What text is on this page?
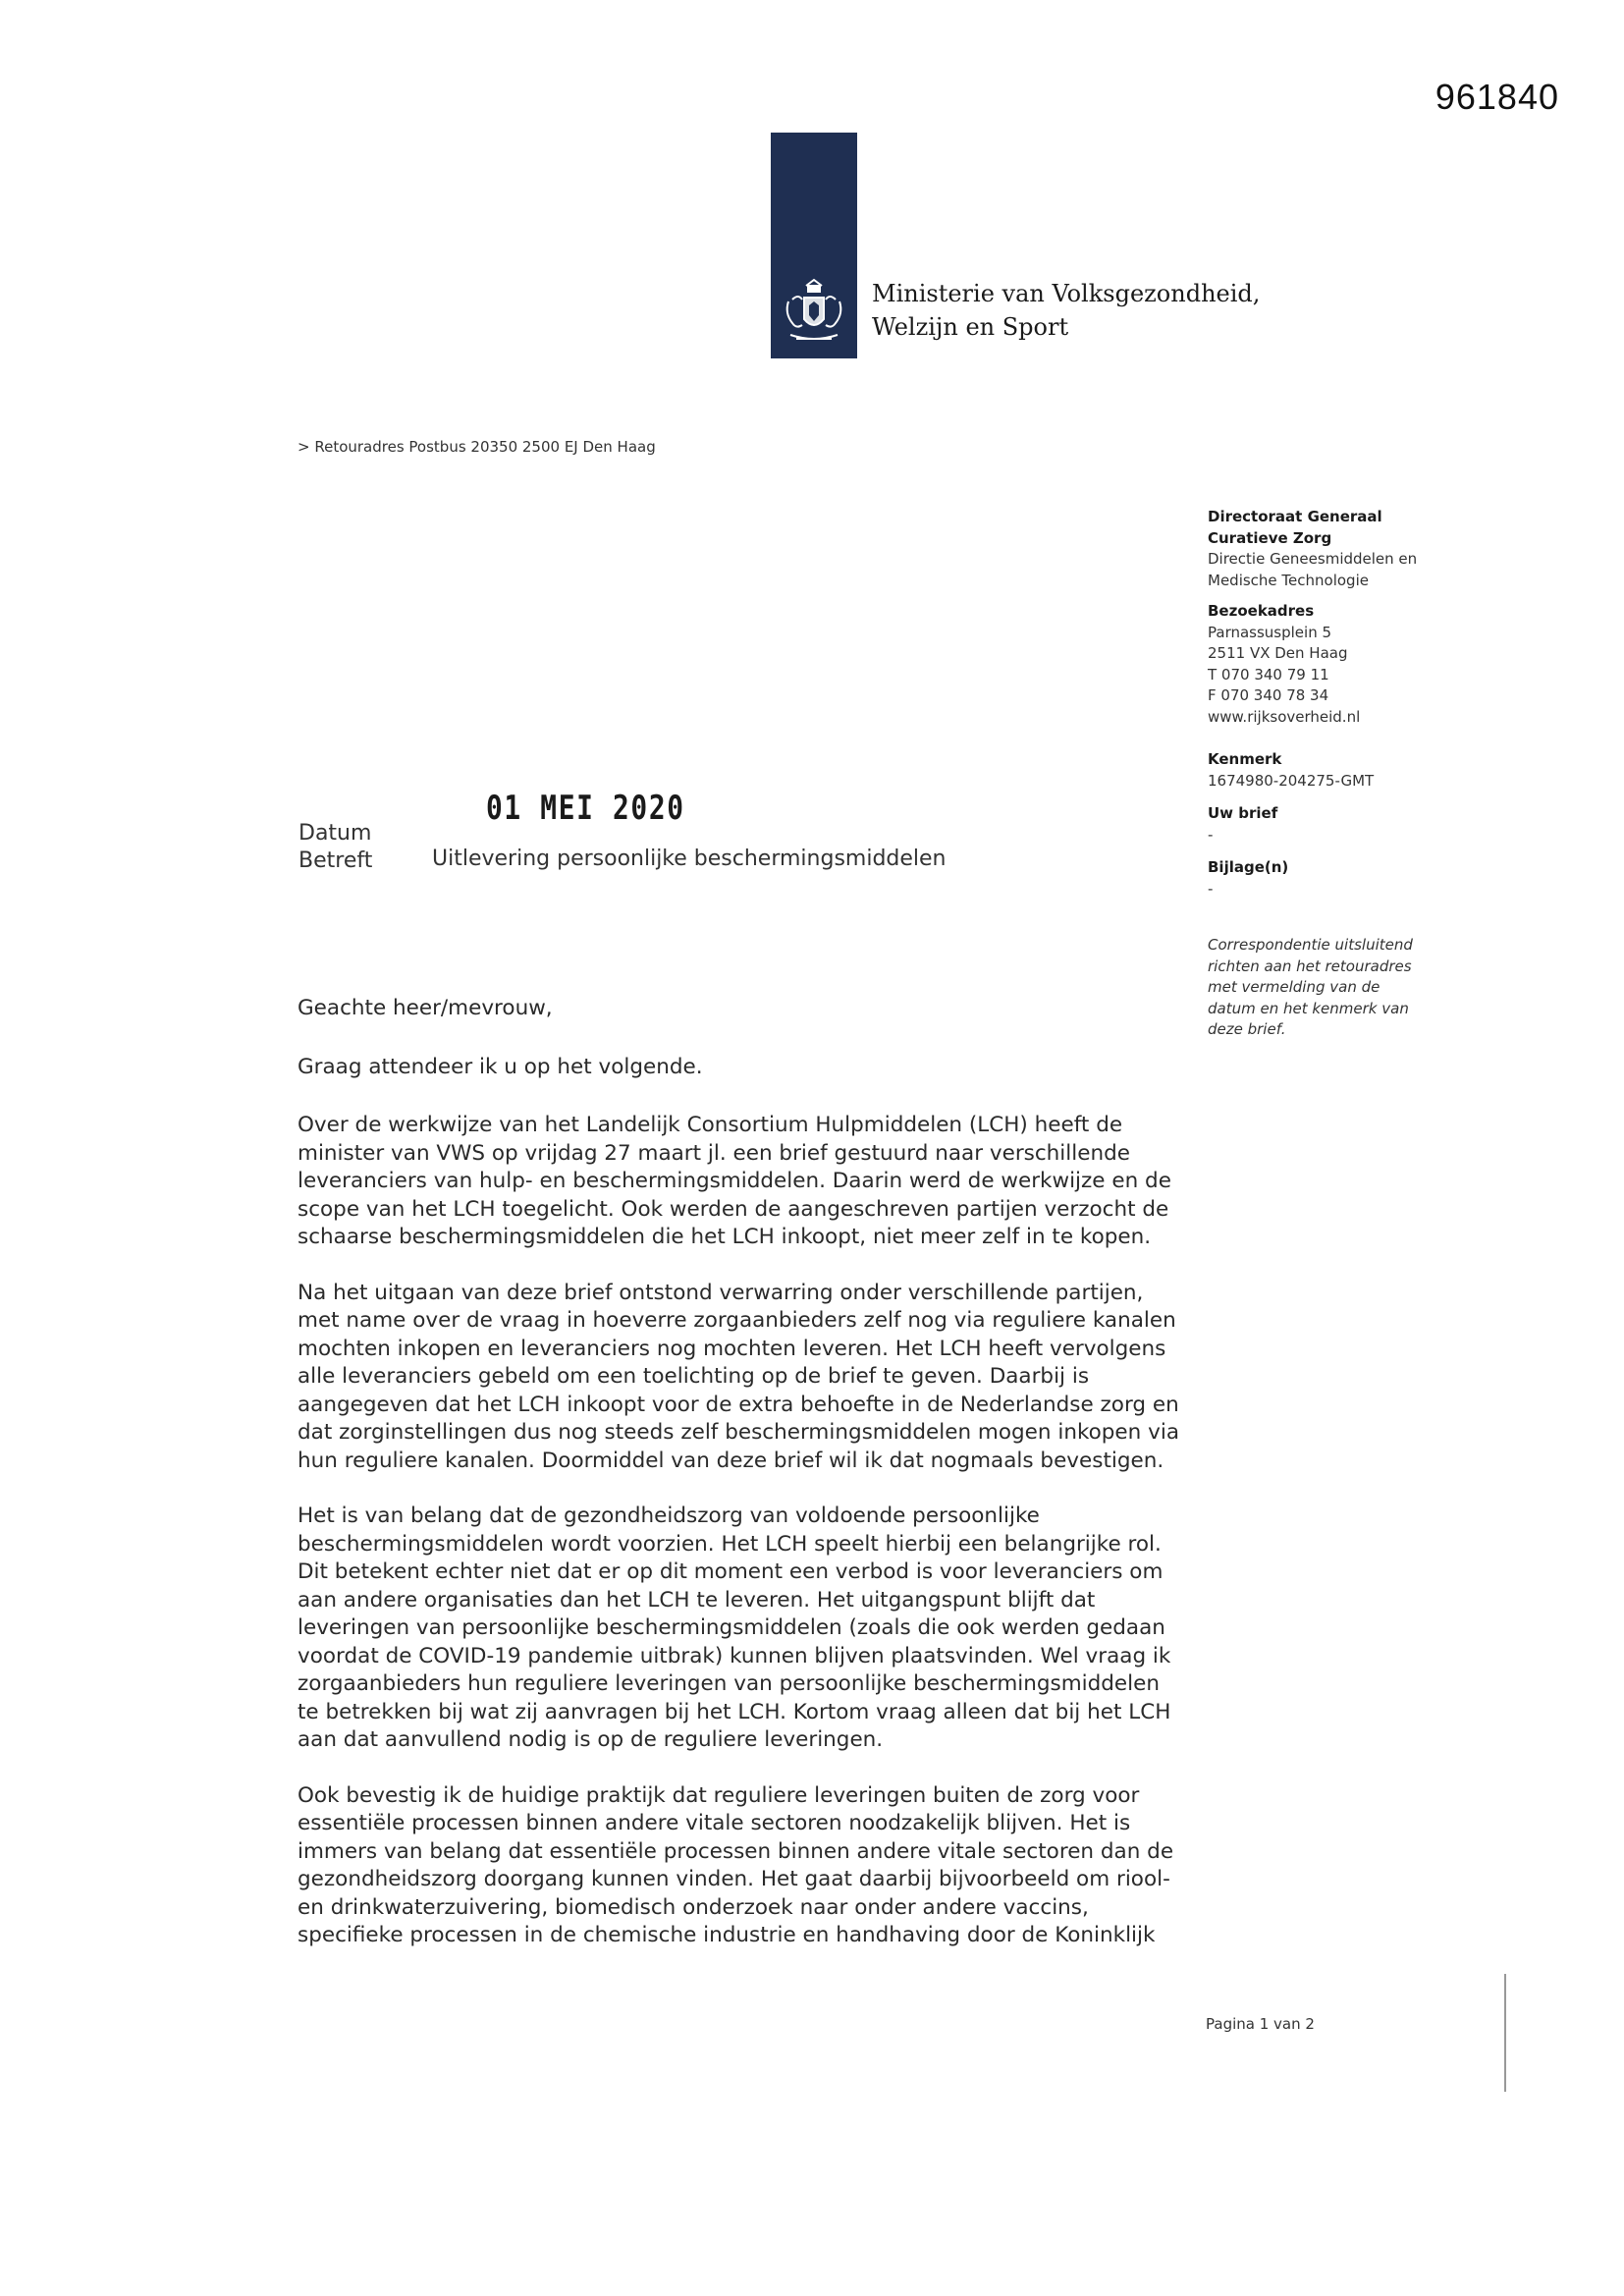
961840
Ministerie van Volksgezondheid,
Welzijn en Sport
> Retouradres Postbus 20350 2500 EJ Den Haag
Directoraat Generaal
Curatieve Zorg
Directie Geneesmiddelen en
Medische Technologie
Bezoekadres
Parnassusplein 5
2511 VX Den Haag
T 070 340 79 11
F 070 340 78 34
www.rijksoverheid.nl
Kenmerk
1674980-204275-GMT
Uw brief
-
Bijlage(n)
-
Correspondentie uitsluitend
richten aan het retouradres
met vermelding van de
datum en het kenmerk van
deze brief.
Datum
01 MEI 2020
Betreft	Uitlevering persoonlijke beschermingsmiddelen

Geachte heer/mevrouw,

Graag attendeer ik u op het volgende.

Over de werkwijze van het Landelijk Consortium Hulpmiddelen (LCH) heeft de minister van VWS op vrijdag 27 maart jl. een brief gestuurd naar verschillende leveranciers van hulp- en beschermingsmiddelen. Daarin werd de werkwijze en de scope van het LCH toegelicht. Ook werden de aangeschreven partijen verzocht de schaarse beschermingsmiddelen die het LCH inkoopt, niet meer zelf in te kopen.

Na het uitgaan van deze brief ontstond verwarring onder verschillende partijen, met name over de vraag in hoeverre zorgaanbieders zelf nog via reguliere kanalen mochten inkopen en leveranciers nog mochten leveren. Het LCH heeft vervolgens alle leveranciers gebeld om een toelichting op de brief te geven. Daarbij is aangegeven dat het LCH inkoopt voor de extra behoefte in de Nederlandse zorg en dat zorginstellingen dus nog steeds zelf beschermingsmiddelen mogen inkopen via hun reguliere kanalen. Doormiddel van deze brief wil ik dat nogmaals bevestigen.

Het is van belang dat de gezondheidszorg van voldoende persoonlijke beschermingsmiddelen wordt voorzien. Het LCH speelt hierbij een belangrijke rol. Dit betekent echter niet dat er op dit moment een verbod is voor leveranciers om aan andere organisaties dan het LCH te leveren. Het uitgangspunt blijft dat leveringen van persoonlijke beschermingsmiddelen (zoals die ook werden gedaan voordat de COVID-19 pandemie uitbrak) kunnen blijven plaatsvinden. Wel vraag ik zorgaanbieders hun reguliere leveringen van persoonlijke beschermingsmiddelen te betrekken bij wat zij aanvragen bij het LCH. Kortom vraag alleen dat bij het LCH aan dat aanvullend nodig is op de reguliere leveringen.

Ook bevestig ik de huidige praktijk dat reguliere leveringen buiten de zorg voor essentiële processen binnen andere vitale sectoren noodzakelijk blijven. Het is immers van belang dat essentiële processen binnen andere vitale sectoren dan de gezondheidszorg doorgang kunnen vinden. Het gaat daarbij bijvoorbeeld om riool- en drinkwaterzuivering, biomedisch onderzoek naar onder andere vaccins, specifieke processen in de chemische industrie en handhaving door de Koninklijk

Pagina 1 van 2
